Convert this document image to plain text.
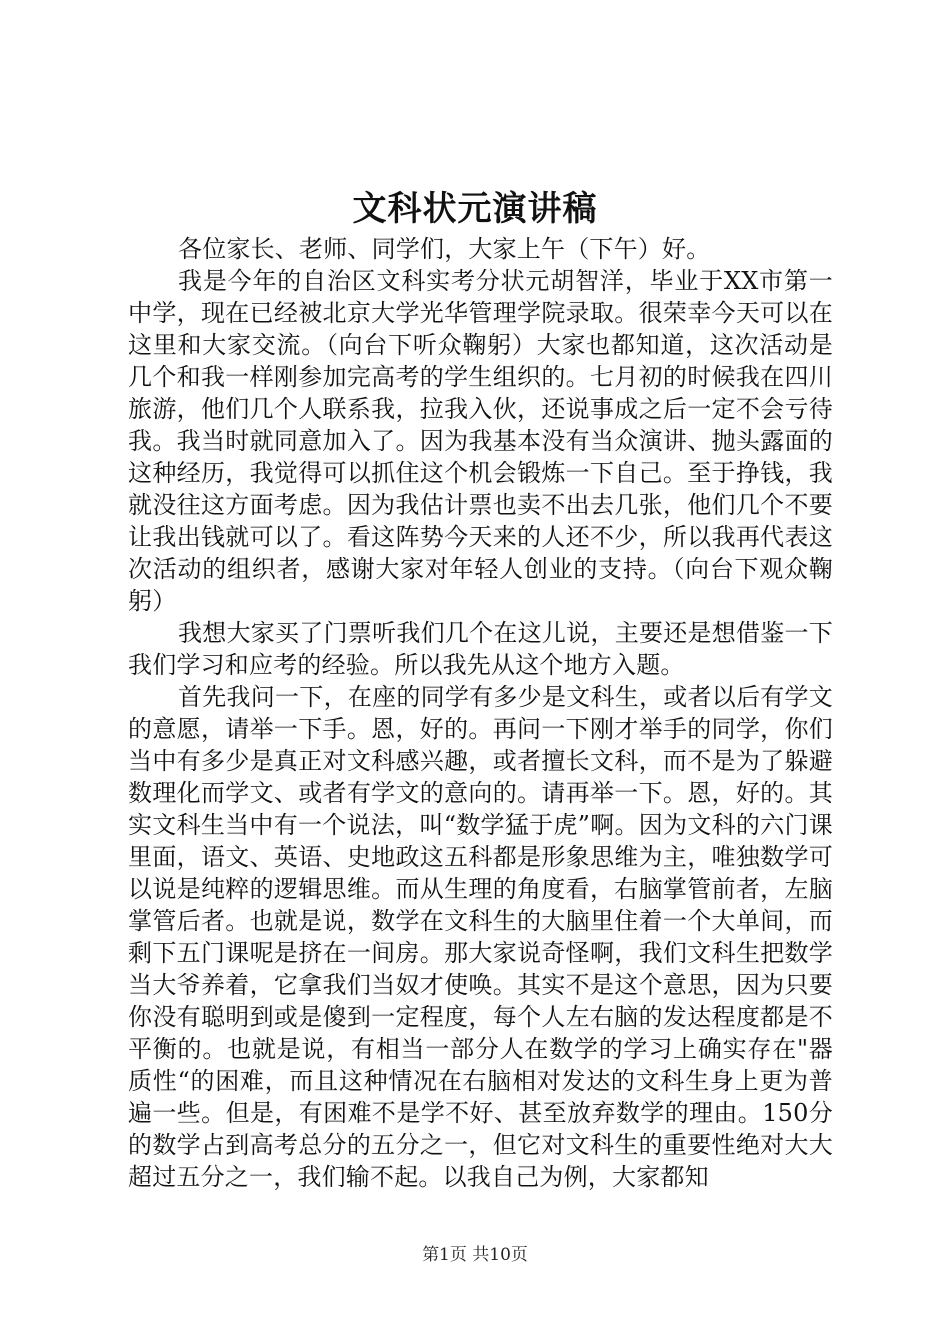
文科状元演讲稿

各位家长、老师、同学们，大家上午（下午）好。

我是今年的自治区文科实考分状元胡智洋，毕业于XX市第一中学，现在已经被北京大学光华管理学院录取。很荣幸今天可以在这里和大家交流。（向台下听众鞠躬）大家也都知道，这次活动是几个和我一样刚参加完高考的学生组织的。七月初的时候我在四川旅游，他们几个人联系我，拉我入伙，还说事成之后一定不会亏待我。我当时就同意加入了。因为我基本没有当众演讲、抛头露面的这种经历，我觉得可以抓住这个机会锻炼一下自己。至于挣钱，我就没往这方面考虑。因为我估计票也卖不出去几张，他们几个不要让我出钱就可以了。看这阵势今天来的人还不少，所以我再代表这次活动的组织者，感谢大家对年轻人创业的支持。（向台下观众鞠躬）

我想大家买了门票听我们几个在这儿说，主要还是想借鉴一下我们学习和应考的经验。所以我先从这个地方入题。

首先我问一下，在座的同学有多少是文科生，或者以后有学文的意愿，请举一下手。恩，好的。再问一下刚才举手的同学，你们当中有多少是真正对文科感兴趣，或者擅长文科，而不是为了躲避数理化而学文、或者有学文的意向的。请再举一下。恩，好的。其实文科生当中有一个说法，叫“数学猛于虎”啊。因为文科的六门课里面，语文、英语、史地政这五科都是形象思维为主，唯独数学可以说是纯粹的逻辑思维。而从生理的角度看，右脑掌管前者，左脑掌管后者。也就是说，数学在文科生的大脑里住着一个大单间，而剩下五门课呢是挤在一间房。那大家说奇怪啊，我们文科生把数学当大爷养着，它拿我们当奴才使唤。其实不是这个意思，因为只要你没有聪明到或是傻到一定程度，每个人左右脑的发达程度都是不平衡的。也就是说，有相当一部分人在数学的学习上确实存在"器质性“的困难，而且这种情况在右脑相对发达的文科生身上更为普遍一些。但是，有困难不是学不好、甚至放弃数学的理由。150分的数学占到高考总分的五分之一，但它对文科生的重要性绝对大大超过五分之一，我们输不起。以我自己为例，大家都知

第1页 共10页
